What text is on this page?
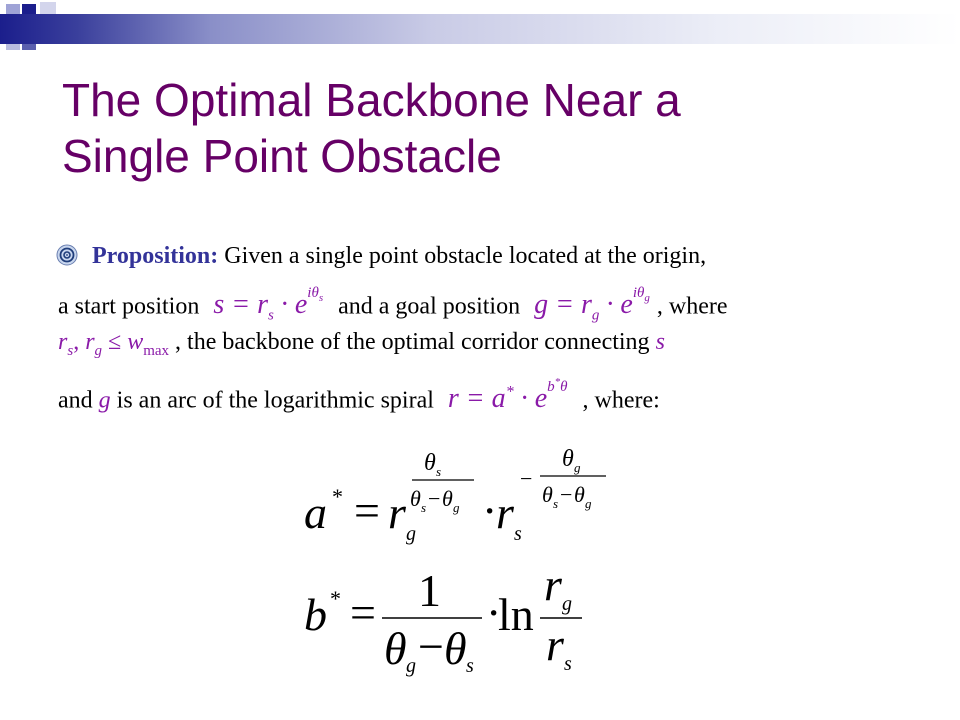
The Optimal Backbone Near a
Single Point Obstacle
Proposition: Given a single point obstacle located at the origin,
a start position $s = r_s \cdot e^{i\theta_s}$ and a goal position $g = r_g \cdot e^{i\theta_g}$ , where
$r_s$, $r_g \le w_{max}$ , the backbone of the optimal corridor connecting s
and g is an arc of the logarithmic spiral $r = a^* \cdot e^{b^*\theta}$ , where:
a * = r g
θ s
θ s − θ g ·
r s
−
θ g
θ s − θ g
b * = 1
θ g − θ s
·
ln
r g
r s
